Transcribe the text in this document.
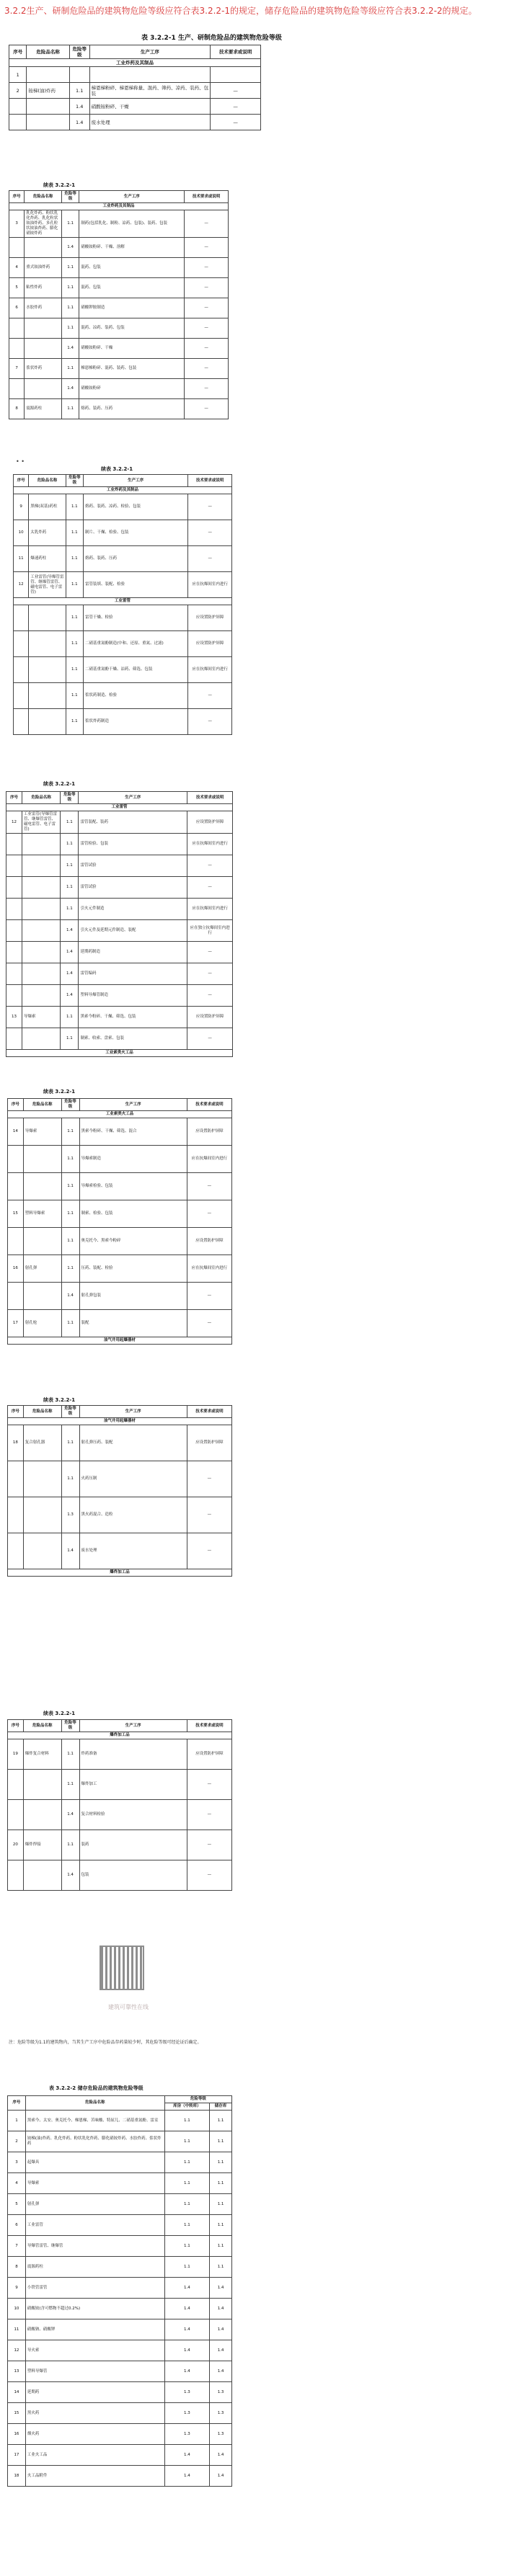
3.2.2生产、研制危险品的建筑物危险等级应符合表3.2.2-1的规定，储存危险品的建筑物危险等级应符合表3.2.2-2的规定。
表 3.2.2-1 生产、研制危险品的建筑物危险等级
序号	危险品名称	危险等级	生产工序	技术要求或说明
工业炸药及其制品				
1				
2	铵梯(油)炸药	1.1	梯恩梯粉碎、梯恩梯称量、混药、筛药、凉药、装药、包装	—
		1.4	硝酸铵粉碎、干燥	—
		1.4	废水处理	—
续表 3.2.2-1
序号	危险品名称	危险等级	生产工序	技术要求或说明
工业炸药及其制品				
3	乳化炸药、粉状乳化炸药、乳化粒状铵油炸药、多孔粒状铵油炸药、膨化硝铵炸药	1.1	制药(包括乳化、制粉、凉药、包装)、装药、包装	—
		1.4	硝酸铵粉碎、干燥、溶解	—
4	重式铵油炸药	1.1	混药、包装	—
5	粘性炸药	1.1	混药、包装	—
6	水胶炸药	1.1	硝酸钾胺制造	—
		1.1	混药、凉药、装药、包装	—
		1.4	硝酸铵粉碎、干燥	—
7	浆状炸药	1.1	梯恩梯粉碎、混药、装药、包装	—
		1.4	硝酸铵粉碎	—
8	震源药柱	1.1	熔药、装药、压药	—
• •
续表 3.2.2-1
序号	危险品名称	危险等级	生产工序	技术要求或说明
工业炸药及其制品				
9	黑梯(双基)药柱	1.1	熔药、装药、凉药、检验、包装	—
10	太乳炸药	1.1	制片、干燥、检验、包装	—
11	爆速药柱	1.1	熔药、装药、压药	—
12	工业雷管(导爆管雷管、继爆管雷管、磁电雷管、电子雷管)	1.1	雷管装填、装配、检验	应在抗爆间室内进行
工业雷管				
		1.1	雷管干燥、检验	应设置防护屏障
		1.1	二硝基重氮酚制造(中和、还原、重氮、过滤)	应设置防护屏障
		1.1	二硝基重氮酚干燥、凉药、筛选、包装	应在抗爆间室内进行
		1.1	浆状药制造、检验	—
		1.1	浆状炸药制造	—
续表 3.2.2-1
序号	危险品名称	危险等级	生产工序	技术要求或说明
工业雷管				
12	工业雷管(导爆管雷管、继爆管雷管、磁电雷管、电子雷管)	1.1	雷管装配、装药	应设置防护屏障
		1.1	雷管检验、包装	应在抗爆间室内进行
		1.1	雷管试验	—
		1.1	雷管试验	—
		1.1	引火元件制造	应在抗爆间室内进行
		1.4	引火元件及延期元件制造、装配	应在独立抗爆间室内进行
		1.4	延期药制造	—
		1.4	雷管编码	—
		1.4	塑料导爆管制造	—
13	导爆索	1.1	黑索今粉碎、干燥、筛选、包装	应设置防护屏障
		1.1	制索、收索、盘索、包装	—
工业索类火工品				
续表 3.2.2-1
序号	危险品名称	危险等级	生产工序	技术要求或说明
工业索类火工品				
14	导爆索	1.1	黑索今粉碎、干燥、筛选、混合	应设置防护屏障
		1.1	导爆索制造	应在抗爆间室内进行
		1.1	导爆索检验、包装	—
15	塑料导爆索	1.1	制索、检验、包装	—
		1.1	奥克托今、黑索今粉碎	应设置防护屏障
16	射孔弹	1.1	压药、装配、检验	应在抗爆间室内进行
		1.4	射孔弹包装	—
17	射孔枪	1.1	装配	—
油气井用起爆器材				
续表 3.2.2-1
序号	危险品名称	危险等级	生产工序	技术要求或说明
油气井用起爆器材				
18	复合射孔器	1.1	射孔弹压药、装配	应设置防护屏障
		1.1	火药压制	—
		1.3	黑火药混合、造粒	—
		1.4	废水处理	—
爆炸加工品				
续表 3.2.2-1
序号	危险品名称	危险等级	生产工序	技术要求或说明
爆炸加工品				
19	爆炸复合材料	1.1	炸药准备	应设置防护屏障
		1.1	爆炸加工	—
		1.4	复合材料检验	—
20	爆炸焊接	1.1	装药	—
		1.4	包装	—
建筑可靠性在线
注：危险等级为1.1的建筑物内，当其生产工序中危险品存药量较少时，其危险等级可经论证后确定。
表 3.2.2-2 储存危险品的建筑物危险等级
序号	危险品名称	危险等级	
		库房（中转库）	储存库
1	黑索今、太安、奥克托今、梯恩梯、苦味酸、特屈儿、二硝基重氮酚、雷汞	1.1	1.1
2	铵梯(油)炸药、乳化炸药、粉状乳化炸药、膨化硝铵炸药、水胶炸药、浆状炸药	1.1	1.1
3	起爆具	1.1	1.1
4	导爆索	1.1	1.1
5	射孔弹	1.1	1.1
6	工业雷管	1.1	1.1
7	导爆管雷管、继爆管	1.1	1.1
8	震源药柱	1.1	1.1
9	小铁管雷管	1.4	1.4
10	硝酸铵(含可燃物不超过0.2%)	1.4	1.4
11	硝酸钠、硝酸钾	1.4	1.4
12	导火索	1.4	1.4
13	塑料导爆管	1.4	1.4
14	延期药	1.3	1.3
15	黑火药	1.3	1.3
16	烟火药	1.3	1.3
17	工业火工品	1.4	1.4
18	火工品附件	1.4	1.4
